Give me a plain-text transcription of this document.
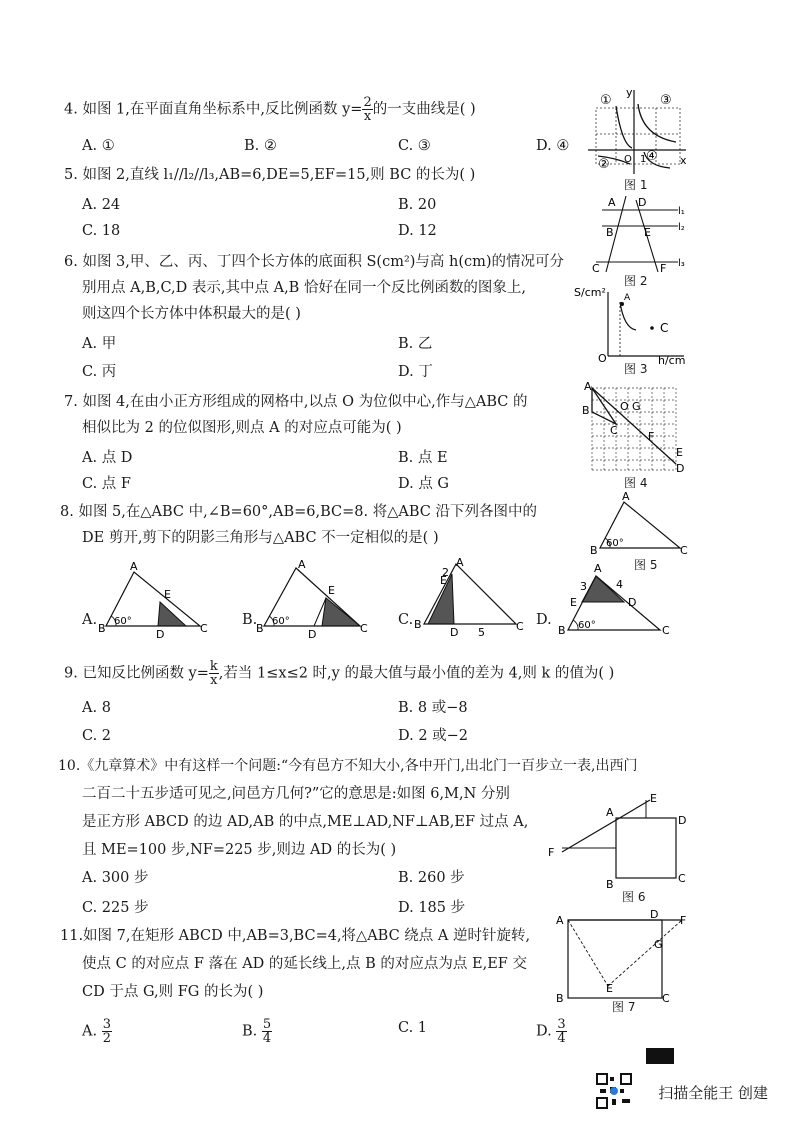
4. 如图 1,在平面直角坐标系中,反比例函数 $y= \frac{2}{x}$ 的一支曲线是( )
A. ①	B. ②	C. ③	D. ④
①	③
②
④
y
x
O 1
图 1
5. 如图 2,直线 l₁//l₂//l₃,AB=6,DE=5,EF=15,则 BC 的长为( )
A. 24	B. 20
C. 18	D. 12
A
B
C
D
E
F
l₁
l₂
l₃
图 2
6. 如图 3,甲、乙、丙、丁四个长方体的底面积 S(cm²)与高 h(cm)的情况可分
别用点 A,B,C,D 表示,其中点 A,B 恰好在同一个反比例函数的图象上,
则这四个长方体中体积最大的是( )
A. 甲	B. 乙
C. 丙	D. 丁
S/cm²
h/cm
O
C
A
图 3
7. 如图 4,在由小正方形组成的网格中,以点 O 为位似中心,作与△ABC 的
相似比为 2 的位似图形,则点 A 的对应点可能为( )
A. 点 D	B. 点 E
C. 点 F	D. 点 G
A
B
C
O G
F
E
D
图 4
8. 如图 5,在△ABC 中,∠B=60°,AB=6,BC=8. 将△ABC 沿下列各图中的
DE 剪开,剪下的阴影三角形与△ABC 不一定相似的是( )
A
B	C
60°
图 5
A.
A
B	C
D
E
60°	B.
A
B	C
D
E
60°	C.
A
2
E
B
D 5	C D.
A
3	4
E	D
B	C
60°
9. 已知反比例函数 $y= \frac{k}{x}$ ,若当 1≤x≤2 时,y 的最大值与最小值的差为 4,则 k 的值为( )
A. 8	B. 8 或−8
C. 2	D. 2 或−2
10.《九章算术》中有这样一个问题:“今有邑方不知大小,各中开门,出北门一百步立一表,出西门
二百二十五步适可见之,问邑方几何?”它的意思是:如图 6,M,N 分别
是正方形 ABCD 的边 AD,AB 的中点,ME⊥AD,NF⊥AB,EF 过点 A,
且 ME=100 步,NF=225 步,则边 AD 的长为( )
A. 300 步	B. 260 步
C. 225 步	D. 185 步
A
E
D
F
B	C
图 6
11.如图 7,在矩形 ABCD 中,AB=3,BC=4,将△ABC 绕点 A 逆时针旋转,
使点 C 的对应点 F 落在 AD 的延长线上,点 B 的对应点为点 E,EF 交
CD 于点 G,则 FG 的长为( )
A. $\frac{3}{2}$	B. $\frac{5}{4}$	C. 1	D. $\frac{3}{4}$
A	D F
G
B
E
C
图 7
扫描全能王 创建
